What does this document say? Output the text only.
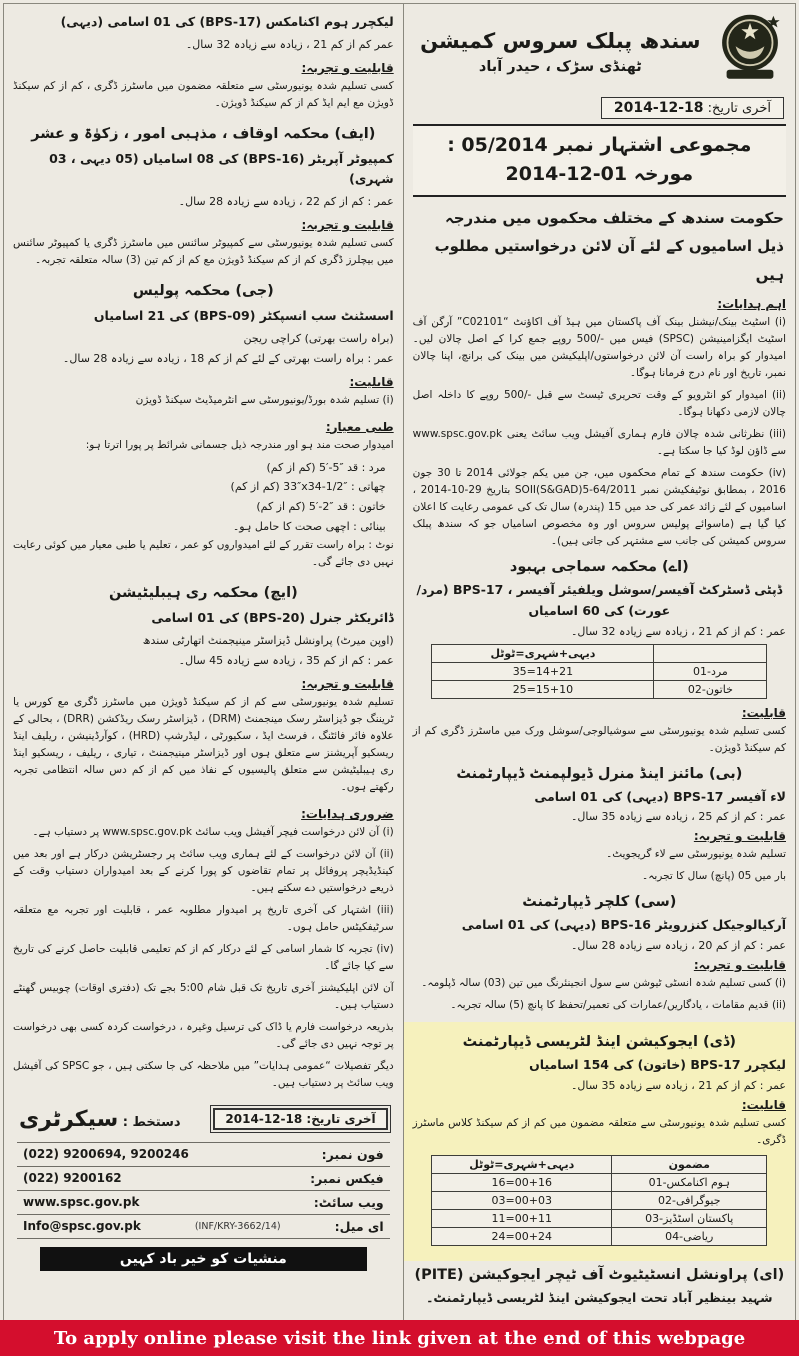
سندھ پبلک سروس کمیشن
ٹھنڈی سڑک ، حیدر آباد
آخری تاریخ: 18-12-2014
مجموعی اشتہار نمبر 05/2014 : مورخہ 01-12-2014

حکومت سندھ کے مختلف محکموں میں مندرجہ ذیل اسامیوں کے لئے آن لائن درخواستیں مطلوب ہیں

اہم ہدایات:

(i) اسٹیٹ بینک/نیشنل بینک آف پاکستان میں ہیڈ آف اکاؤنٹ “C02101” آرگن آف اسٹیٹ ایگزامینیشن (SPSC) فیس میں -/500 روپے جمع کرا کے اصل چالان لیں۔ امیدوار کو براہ راست آن لائن درخواستوں/اپلیکیشن میں بینک کی برانچ، اپنا چالان نمبر، تاریخ اور نام درج فرمانا ہوگا۔

(ii) امیدوار کو انٹرویو کے وقت تحریری ٹیسٹ سے قبل -/500 روپے کا داخلہ اصل چالان لازمی دکھانا ہوگا۔

(iii) نظرثانی شدہ چالان فارم ہماری آفیشل ویب سائٹ یعنی www.spsc.gov.pk سے ڈاؤن لوڈ کیا جا سکتا ہے۔

(iv) حکومت سندھ کے تمام محکموں میں، جن میں یکم جولائی 2014 تا 30 جون 2016 ، بمطابق نوٹیفکیشن نمبر SOII(S&GAD)5-64/2011 بتاریخ 29-10-2014 ، اسامیوں کے لئے زائد عمر کی حد میں 15 (پندرہ) سال تک کی عمومی رعایت کا اعلان کیا گیا ہے (ماسوائے پولیس سروس اور وہ مخصوص اسامیاں جو کہ سندھ پبلک سروس کمیشن کی جانب سے مشتہر کی جاتی ہیں)۔

(اے) محکمہ سماجی بہبود

ڈپٹی ڈسٹرکٹ آفیسر/سوشل ویلفیئر آفیسر ، BPS-17 (مرد/عورت) کی 60 اسامیاں

عمر : کم از کم 21 ، زیادہ سے زیادہ 32 سال۔

	دیہی+شہری=ٹوٹل
مرد-01	35=14+21
خاتون-02	25=15+10
قابلیت:

کسی تسلیم شدہ یونیورسٹی سے سوشیالوجی/سوشل ورک میں ماسٹرز ڈگری کم از کم سیکنڈ ڈویژن۔

(بی) مائنز اینڈ منرل ڈیولپمنٹ ڈیپارٹمنٹ

لاء آفیسر BPS-17 (دیہی) کی 01 اسامی

عمر : کم از کم 25 ، زیادہ سے زیادہ 35 سال۔

قابلیت و تجربہ:

تسلیم شدہ یونیورسٹی سے لاء گریجویٹ۔

بار میں 05 (پانچ) سال کا تجربہ۔

(سی) کلچر ڈیپارٹمنٹ

آرکیالوجیکل کنزرویٹر BPS-16 (دیہی) کی 01 اسامی

عمر : کم از کم 20 ، زیادہ سے زیادہ 28 سال۔

قابلیت و تجربہ:

(i) کسی تسلیم شدہ انسٹی ٹیوشن سے سول انجینئرنگ میں تین (03) سالہ ڈپلومہ۔

(ii) قدیم مقامات ، یادگاریں/عمارات کی تعمیر/تحفظ کا پانچ (5) سالہ تجربہ۔

(ڈی) ایجوکیشن اینڈ لٹریسی ڈیپارٹمنٹ

لیکچرر BPS-17 (خاتون) کی 154 اسامیاں

عمر : کم از کم 21 ، زیادہ سے زیادہ 35 سال۔

قابلیت:

کسی تسلیم شدہ یونیورسٹی سے متعلقہ مضمون میں کم از کم سیکنڈ کلاس ماسٹرز ڈگری۔

مضمون	دیہی+شہری=ٹوٹل
ہوم اکنامکس-01	16=00+16
جیوگرافی-02	03=00+03
پاکستان اسٹڈیز-03	11=00+11
ریاضی-04	24=00+24
(ای) پراونشل انسٹیٹیوٹ آف ٹیچر ایجوکیشن (PITE)

شہید بینظیر آباد تحت ایجوکیشن اینڈ لٹریسی ڈیپارٹمنٹ۔

لیکچرر ہوم اکنامکس (BPS-17) کی 01 اسامی (دیہی)

عمر کم از کم 21 ، زیادہ سے زیادہ 32 سال۔

قابلیت و تجربہ:

کسی تسلیم شدہ یونیورسٹی سے متعلقہ مضمون میں ماسٹرز ڈگری ، کم از کم سیکنڈ ڈویژن مع ایم ایڈ کم از کم سیکنڈ ڈویژن۔

(ایف) محکمہ اوقاف ، مذہبی امور ، زکوٰۃ و عشر

کمپیوٹر آپریٹر (BPS-16) کی 08 اسامیاں (05 دیہی ، 03 شہری)

عمر : کم از کم 22 ، زیادہ سے زیادہ 28 سال۔

قابلیت و تجربہ:

کسی تسلیم شدہ یونیورسٹی سے کمپیوٹر سائنس میں ماسٹرز ڈگری یا کمپیوٹر سائنس میں بیچلرز ڈگری کم از کم سیکنڈ ڈویژن مع کم از کم تین (3) سالہ متعلقہ تجربہ۔

(جی) محکمہ پولیس

اسسٹنٹ سب انسپکٹر (BPS-09) کی 21 اسامیاں

(براہ راست بھرتی) کراچی ریجن

عمر : براہ راست بھرتی کے لئے کم از کم 18 ، زیادہ سے زیادہ 28 سال۔

قابلیت:

(i) تسلیم شدہ بورڈ/یونیورسٹی سے انٹرمیڈیٹ سیکنڈ ڈویژن

طبی معیار:

امیدوار صحت مند ہو اور مندرجہ ذیل جسمانی شرائط پر پورا اترتا ہو:

مرد : قد ‎5′-5″‎ (کم از کم)

چھاتی : ‎33″x34-1/2″‎ (کم از کم)

خاتون : قد ‎5′-2″‎ (کم از کم)

بینائی : اچھی صحت کا حامل ہو۔

نوٹ : براہ راست تقرر کے لئے امیدواروں کو عمر ، تعلیم یا طبی معیار میں کوئی رعایت نہیں دی جائے گی۔

(ایچ) محکمہ ری ہیبلیٹیشن

ڈائریکٹر جنرل (BPS-20) کی 01 اسامی

(اوپن میرٹ) پراونشل ڈیزاسٹر مینیجمنٹ اتھارٹی سندھ

عمر : کم از کم 35 ، زیادہ سے زیادہ 45 سال۔

قابلیت و تجربہ:

تسلیم شدہ یونیورسٹی سے کم از کم سیکنڈ ڈویژن میں ماسٹرز ڈگری مع کورس یا ٹریننگ جو ڈیزاسٹر رسک مینجمنٹ (DRM) ، ڈیزاسٹر رسک ریڈکشن (DRR) ، بحالی کے علاوہ فائر فائٹنگ ، فرسٹ ایڈ ، سکیورٹی ، لیڈرشپ (HRD) ، کوآرڈینیشن ، ریلیف اینڈ ریسکیو آپریشنز سے متعلق ہوں اور ڈیزاسٹر مینیجمنٹ ، تیاری ، ریلیف ، ریسکیو اینڈ ری ہیبلیٹیشن سے متعلق پالیسیوں کے نفاذ میں کم از کم دس سالہ انتظامی تجربہ رکھتے ہوں۔

ضروری ہدایات:

(i) آن لائن درخواست فیچر آفیشل ویب سائٹ www.spsc.gov.pk پر دستیاب ہے۔

(ii) آن لائن درخواست کے لئے ہماری ویب سائٹ پر رجسٹریشن درکار ہے اور بعد میں کینڈیڈیچر پروفائل پر تمام تقاضوں کو پورا کرنے کے بعد امیدواران دستیاب وقت کے ذریعے درخواستیں دے سکتے ہیں۔

(iii) اشتہار کی آخری تاریخ پر امیدوار مطلوبہ عمر ، قابلیت اور تجربہ مع متعلقہ سرٹیفکیٹس حامل ہوں۔

(iv) تجربہ کا شمار اسامی کے لئے درکار کم از کم تعلیمی قابلیت حاصل کرنے کی تاریخ سے کیا جائے گا۔

آن لائن اپلیکیشنز آخری تاریخ تک قبل شام 5:00 بجے تک (دفتری اوقات) چوبیس گھنٹے دستیاب ہیں۔

بذریعہ درخواست فارم یا ڈاک کی ترسیل وغیرہ ، درخواست کردہ کسی بھی درخواست پر توجہ نہیں دی جائے گی۔

دیگر تفصیلات “عمومی ہدایات” میں ملاحظہ کی جا سکتی ہیں ، جو SPSC کی آفیشل ویب سائٹ پر دستیاب ہیں۔

آخری تاریخ: 18-12-2014
دستخط : سیکرٹری
فون نمبر:
(022) 9200694, 9200246
فیکس نمبر:
(022) 9200162
ویب سائٹ:
www.spsc.gov.pk
ای میل:
(INF/KRY-3662/14)
Info@spsc.gov.pk
منشیات کو خیر باد کہیں
To apply online please visit the link given at the end of this webpage
